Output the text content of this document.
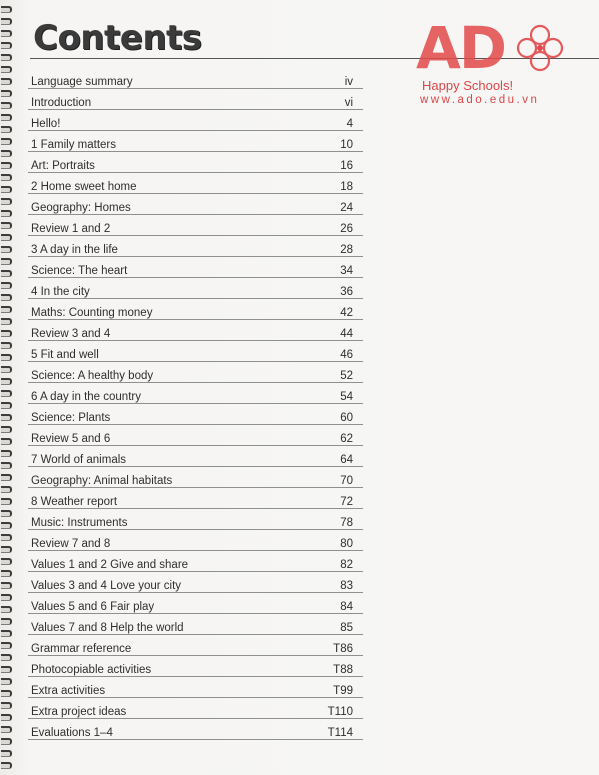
Contents	AD
Happy Schools!
www.ado.edu.vn
Language summary	iv
Introduction	vi
Hello!	4
1 Family matters	10
Art: Portraits	16
2 Home sweet home	18
Geography: Homes	24
Review 1 and 2	26
3 A day in the life	28
Science: The heart	34
4 In the city	36
Maths: Counting money	42
Review 3 and 4	44
5 Fit and well	46
Science: A healthy body	52
6 A day in the country	54
Science: Plants	60
Review 5 and 6	62
7 World of animals	64
Geography: Animal habitats	70
8 Weather report	72
Music: Instruments	78
Review 7 and 8	80
Values 1 and 2 Give and share	82
Values 3 and 4 Love your city	83
Values 5 and 6 Fair play	84
Values 7 and 8 Help the world	85
Grammar reference	T86
Photocopiable activities	T88
Extra activities	T99
Extra project ideas	T110
Evaluations 1–4	T114
